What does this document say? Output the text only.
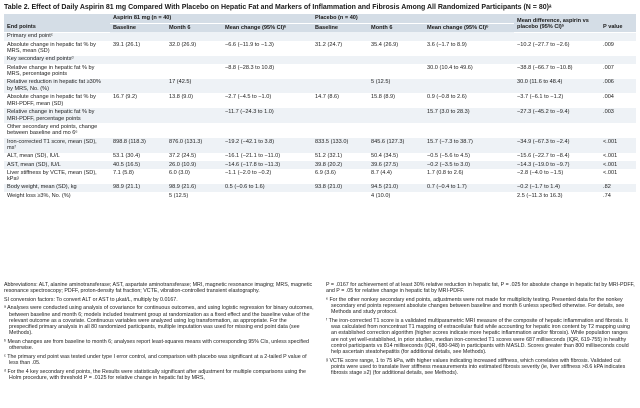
Table 2. Effect of Daily Aspirin 81 mg Compared With Placebo on Hepatic Fat and Markers of Inflammation and Fibrosis Among All Randomized Participants (N = 80)ᵃ
End points	Aspirin 81 mg (n = 40)			Placebo (n = 40)			Mean difference, aspirin vs placebo (95% CI)ᵇ	P value
	Baseline	Month 6	Mean change (95% CI)ᵇ	Baseline	Month 6	Mean change (95% CI)ᵇ		
Primary end pointᶜ								
Absolute change in hepatic fat % by MRS, mean (SD)	39.1 (26.1)	32.0 (26.9)	−6.6 (−11.9 to −1.3)	31.2 (24.7)	35.4 (26.9)	3.6 (−1.7 to 8.9)	−10.2 (−27.7 to −2.6)	.009
Key secondary end pointsᵈ								
Relative change in hepatic fat % by MRS, percentage points			−8.8 (−28.3 to 10.8)			30.0 (10.4 to 49.6)	−38.8 (−66.7 to −10.8)	.007
Relative reduction in hepatic fat ≥30% by MRS, No. (%)		17 (42.5)			5 (12.5)		30.0 (11.6 to 48.4)	.006
Absolute change in hepatic fat % by MRI-PDFF, mean (SD)	16.7 (9.2)	13.8 (9.0)	−2.7 (−4.5 to −1.0)	14.7 (8.6)	15.8 (8.9)	0.9 (−0.8 to 2.6)	−3.7 (−6.1 to −1.2)	.004
Relative change in hepatic fat % by MRI-PDFF, percentage points			−11.7 (−24.3 to 1.0)			15.7 (3.0 to 28.3)	−27.3 (−45.2 to −9.4)	.003
Other secondary end points, change between baseline and mo 6ᵉ								
Iron-corrected T1 score, mean (SD), msᶠ	898.8 (118.3)	876.0 (131.3)	−19.2 (−42.1 to 3.8)	833.5 (133.0)	845.6 (127.3)	15.7 (−7.3 to 38.7)	−34.9 (−67.3 to −2.4)	<.001
ALT, mean (SD), IU/L	53.1 (30.4)	37.2 (24.5)	−16.1 (−21.1 to −11.0)	51.2 (32.1)	50.4 (34.5)	−0.5 (−5.6 to 4.5)	−15.6 (−22.7 to −8.4)	<.001
AST, mean (SD), IU/L	40.5 (16.5)	26.0 (10.9)	−14.6 (−17.8 to −11.3)	39.8 (20.2)	39.6 (27.5)	−0.2 (−3.5 to 3.0)	−14.3 (−19.0 to −9.7)	<.001
Liver stiffness by VCTE, mean (SD), kPaᵍ	7.1 (5.8)	6.0 (3.0)	−1.1 (−2.0 to −0.2)	6.9 (3.6)	8.7 (4.4)	1.7 (0.8 to 2.6)	−2.8 (−4.0 to −1.5)	<.001
Body weight, mean (SD), kg	98.9 (21.1)	98.9 (21.6)	0.5 (−0.6 to 1.6)	93.8 (21.0)	94.5 (21.0)	0.7 (−0.4 to 1.7)	−0.2 (−1.7 to 1.4)	.82
Weight loss ≥3%, No. (%)		5 (12.5)			4 (10.0)		2.5 (−11.3 to 16.3)	.74

Abbreviations: ALT, alanine aminotransferase; AST, aspartate aminotransferase; MRI, magnetic resonance imaging; MRS, magnetic resonance spectroscopy; PDFF, proton-density fat fraction; VCTE, vibration-controlled transient elastography.

SI conversion factors: To convert ALT or AST to μkat/L, multiply by 0.0167.

ᵃ Analyses were conducted using analysis of covariance for continuous outcomes, and using logistic regression for binary outcomes, between baseline and month 6; models included treatment group at randomization as a fixed effect and the baseline value of the relevant outcome as a covariate. Continuous variables were analyzed using log transformation, as appropriate. For the prespecified primary analysis in all 80 randomized participants, multiple imputation was used for missing end point data (see Methods).

ᵇ Mean changes are from baseline to month 6; analyses report least-squares means with corresponding 95% CIs, unless specified otherwise.

ᶜ The primary end point was tested under type I error control, and comparison with placebo was significant at a 2-tailed P value of less than .05.

ᵈ For the 4 key secondary end points, the Results were statistically significant after adjustment for multiple comparisons using the Holm procedure, with threshold P = .0125 for relative change in hepatic fat by MRS,

P = .0167 for achievement of at least 30% relative reduction in hepatic fat, P = .025 for absolute change in hepatic fat by MRI-PDFF, and P = .05 for relative change in hepatic fat by MRI-PDFF.

ᵉ For the other nonkey secondary end points, adjustments were not made for multiplicity testing. Presented data for the nonkey secondary end points represent absolute changes between baseline and month 6 unless specified otherwise. For details, see Methods and study protocol.

ᶠ The iron-corrected T1 score is a validated multiparametric MRI measure of the composite of hepatic inflammation and fibrosis. It was calculated from noncontrast T1 mapping of extracellular fluid while accounting for hepatic iron content by T2 mapping using an established correction algorithm (higher scores indicate more hepatic inflammation and/or fibrosis). While population ranges are not yet well-established, in prior studies, median iron-corrected T1 scores were 687 milliseconds (IQR, 619-755) in healthy control participants vs 814 milliseconds (IQR, 680-948) in participants with MASLD. Scores greater than 800 milliseconds could help ascertain steatohepatitis (for additional details, see Methods).

ᵍ VCTE score range, 1 to 75 kPa, with higher values indicating increased stiffness, which correlates with fibrosis. Validated cut points were used to translate liver stiffness measurements into estimated fibrosis severity (ie, liver stiffness >8.6 kPA indicates fibrosis stage ≥2) (for additional details, see Methods).
